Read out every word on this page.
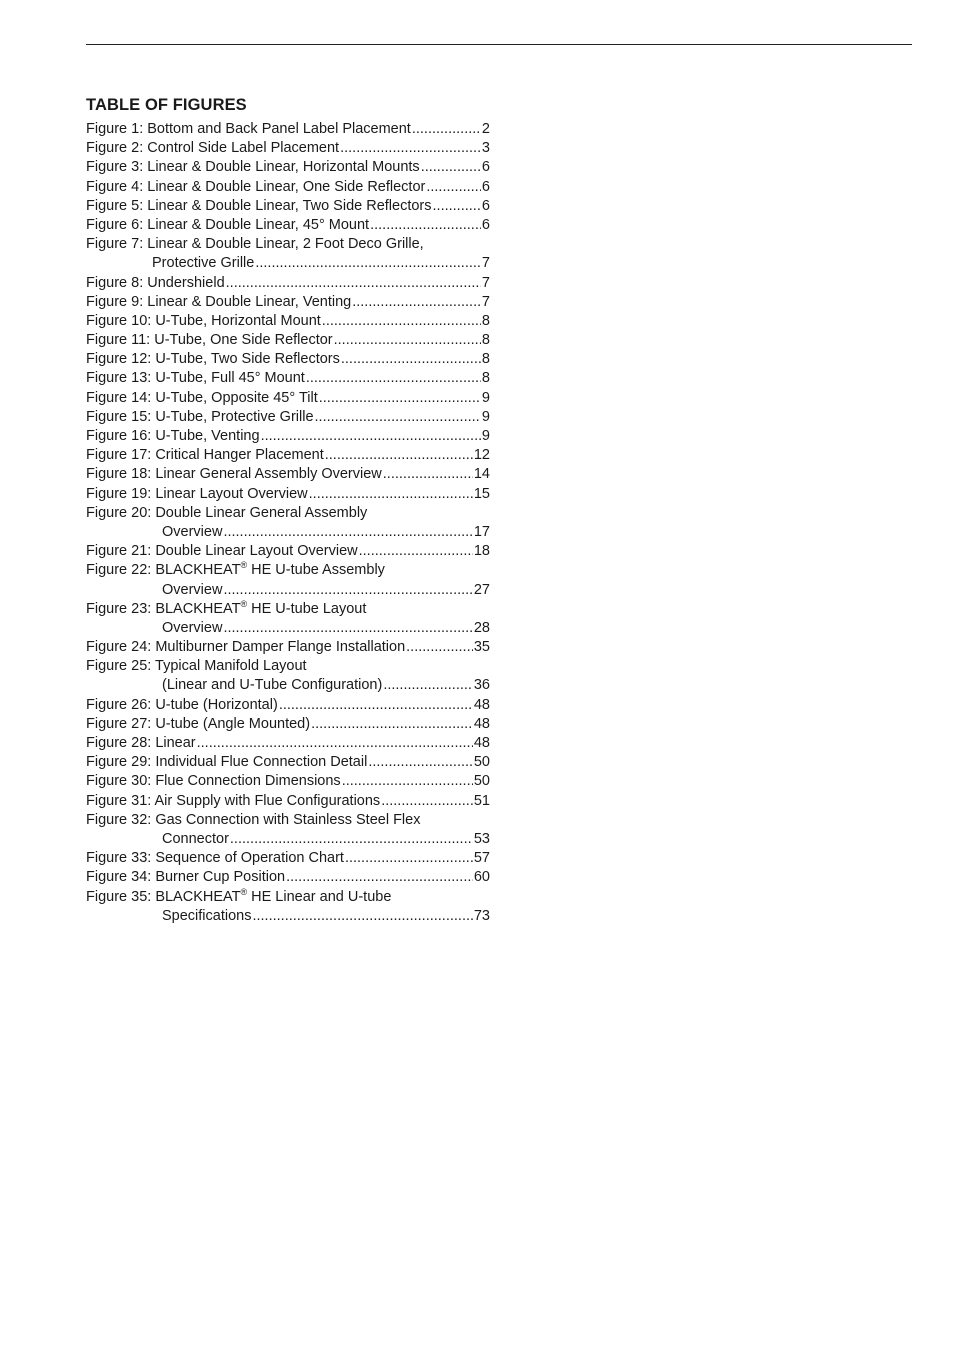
TABLE OF FIGURES
Figure 1: Bottom and Back Panel Label Placement .....	2
Figure 2: Control Side Label Placement .....	3
Figure 3: Linear & Double Linear, Horizontal Mounts .....	6
Figure 4: Linear & Double Linear, One Side Reflector .....	6
Figure 5: Linear & Double Linear, Two Side Reflectors .....	6
Figure 6: Linear & Double Linear, 45° Mount .....	6
Figure 7: Linear & Double Linear, 2 Foot Deco Grille,
Protective Grille .....	7
Figure 8: Undershield .....	7
Figure 9: Linear & Double Linear, Venting .....	7
Figure 10: U-Tube, Horizontal Mount .....	8
Figure 11: U-Tube, One Side Reflector .....	8
Figure 12: U-Tube, Two Side Reflectors .....	8
Figure 13: U-Tube, Full 45° Mount .....	8
Figure 14: U-Tube, Opposite 45° Tilt .....	9
Figure 15: U-Tube, Protective Grille .....	9
Figure 16: U-Tube, Venting .....	9
Figure 17: Critical Hanger Placement .....	12
Figure 18: Linear General Assembly Overview .....	14
Figure 19: Linear Layout Overview .....	15
Figure 20: Double Linear General Assembly
Overview .....	17
Figure 21: Double Linear Layout Overview .....	18
Figure 22: BLACKHEAT® HE U-tube Assembly
Overview .....	27
Figure 23: BLACKHEAT® HE U-tube Layout
Overview .....	28
Figure 24: Multiburner Damper Flange Installation .....	35
Figure 25: Typical Manifold Layout
(Linear and U-Tube Configuration) .....	36
Figure 26: U-tube (Horizontal) .....	48
Figure 27: U-tube (Angle Mounted) .....	48
Figure 28: Linear .....	48
Figure 29: Individual Flue Connection Detail .....	50
Figure 30: Flue Connection Dimensions .....	50
Figure 31: Air Supply with Flue Configurations .....	51
Figure 32: Gas Connection with Stainless Steel Flex
Connector .....	53
Figure 33: Sequence of Operation Chart .....	57
Figure 34: Burner Cup Position .....	60
Figure 35: BLACKHEAT® HE Linear and U-tube
Specifications .....	73
